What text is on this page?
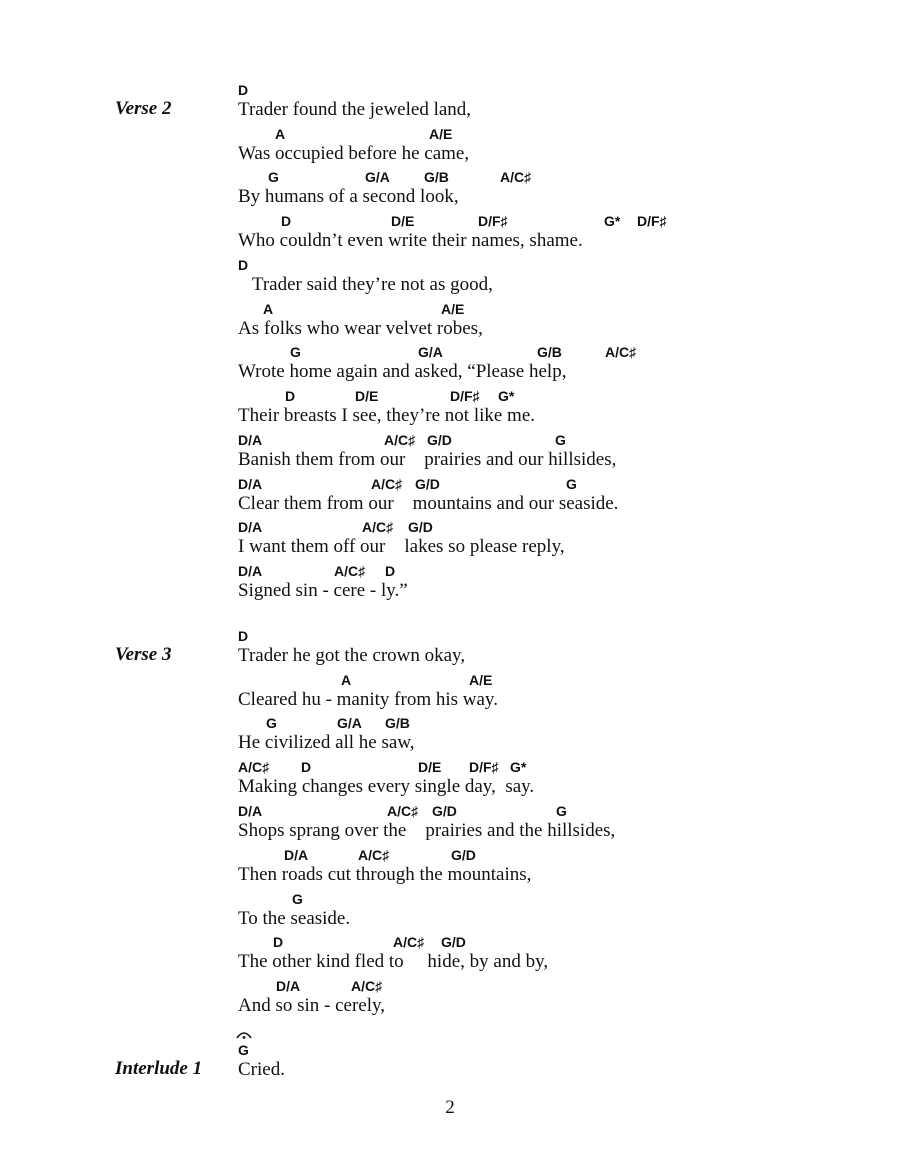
Verse 2
D
Trader found the jeweled land,
A	A/E
Was occupied before he came,
G	G/A G/B	A/C♯
By humans of a second look,
D	D/E	D/F♯	G* D/F♯
Who couldn’t even write their names, shame.
D
Trader said they’re not as good,
A	A/E
As folks who wear velvet robes,
G	G/A	G/B	A/C♯
Wrote home again and asked, “Please help,
D	D/E	D/F♯ G*
Their breasts I see, they’re not like me.
D/A	A/C♯ G/D	G
Banish them from our    prairies and our hillsides,
D/A	A/C♯ G/D	G
Clear them from our    mountains and our seaside.
D/A	A/C♯ G/D
I want them off our    lakes so please reply,
D/A	A/C♯ D
Signed sin - cere - ly.”
Verse 3
D
Trader he got the crown okay,
A	A/E
Cleared hu - manity from his way.
G	G/A G/B
He civilized all he saw,
A/C♯ D	D/E D/F♯ G*
Making changes every single day,  say.
D/A	A/C♯ G/D	G
Shops sprang over the    prairies and the hillsides,
D/A	A/C♯	G/D
Then roads cut through the mountains,
G
To the seaside.
D	A/C♯ G/D
The other kind fled to     hide, by and by,
D/A	A/C♯
And so sin - cerely,
G
Interlude 1 Cried.
2
